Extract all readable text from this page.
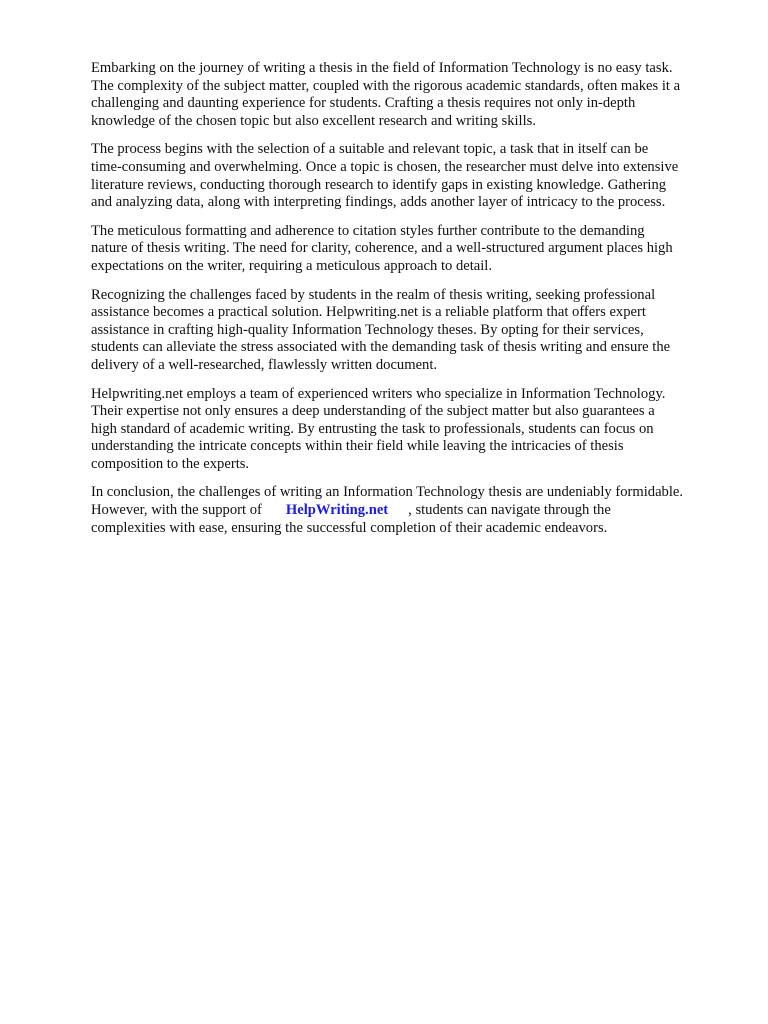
Embarking on the journey of writing a thesis in the field of Information Technology is no easy task.
The complexity of the subject matter, coupled with the rigorous academic standards, often makes it a
challenging and daunting experience for students. Crafting a thesis requires not only in-depth
knowledge of the chosen topic but also excellent research and writing skills.

The process begins with the selection of a suitable and relevant topic, a task that in itself can be
time-consuming and overwhelming. Once a topic is chosen, the researcher must delve into extensive
literature reviews, conducting thorough research to identify gaps in existing knowledge. Gathering
and analyzing data, along with interpreting findings, adds another layer of intricacy to the process.

The meticulous formatting and adherence to citation styles further contribute to the demanding
nature of thesis writing. The need for clarity, coherence, and a well-structured argument places high
expectations on the writer, requiring a meticulous approach to detail.

Recognizing the challenges faced by students in the realm of thesis writing, seeking professional
assistance becomes a practical solution. Helpwriting.net is a reliable platform that offers expert
assistance in crafting high-quality Information Technology theses. By opting for their services,
students can alleviate the stress associated with the demanding task of thesis writing and ensure the
delivery of a well-researched, flawlessly written document.

Helpwriting.net employs a team of experienced writers who specialize in Information Technology.
Their expertise not only ensures a deep understanding of the subject matter but also guarantees a
high standard of academic writing. By entrusting the task to professionals, students can focus on
understanding the intricate concepts within their field while leaving the intricacies of thesis
composition to the experts.

In conclusion, the challenges of writing an Information Technology thesis are undeniably formidable.
However, with the support of HelpWriting.net , students can navigate through the
complexities with ease, ensuring the successful completion of their academic endeavors.
